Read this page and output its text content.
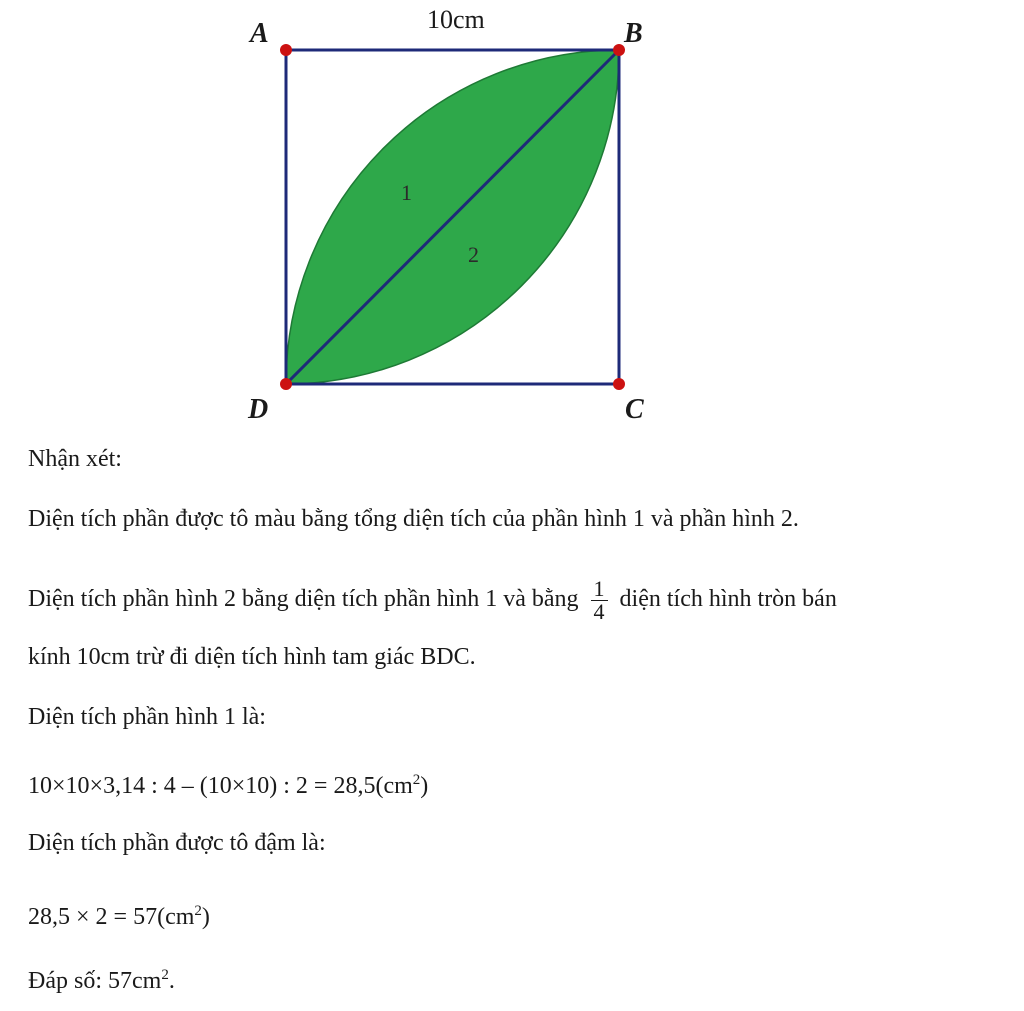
A	B
C
D
10cm
1
2
Nhận xét:
Diện tích phần được tô màu bằng tổng diện tích của phần hình 1 và phần hình 2.
Diện tích phần hình 2 bằng diện tích phần hình 1 và bằng $\frac{1}{4}$ diện tích hình tròn bán
kính 10cm trừ đi diện tích hình tam giác BDC.
Diện tích phần hình 1 là:
10×10×3,14 : 4 – (10×10) : $2 = 28,5(cm^2)$
Diện tích phần được tô đậm là:
$28,5 \times 2 = 57(cm^2)$
Đáp số: $57cm^2$.
